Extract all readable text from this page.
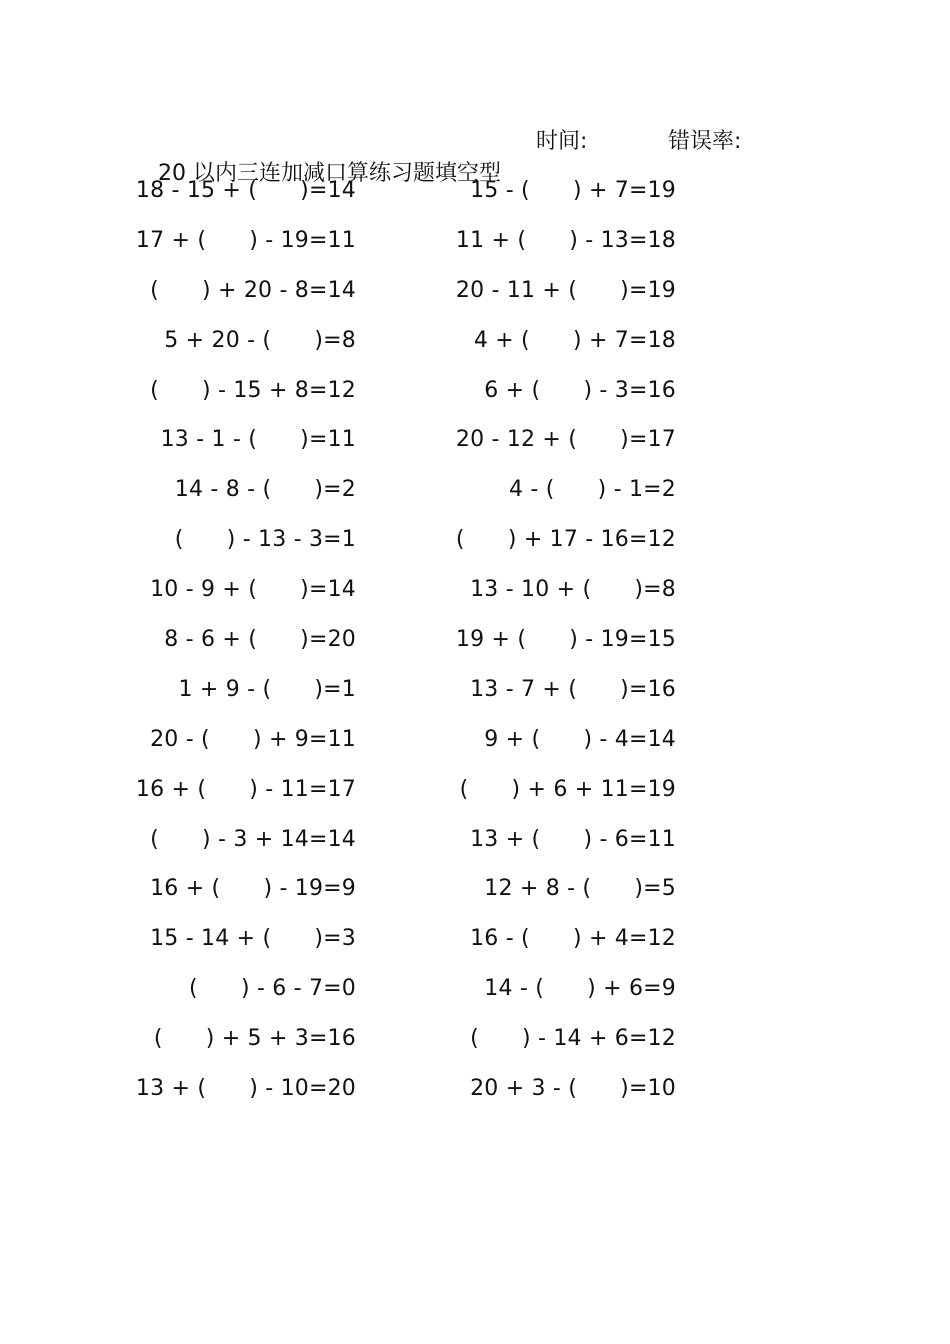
20 以内三连加减口算练习题填空型

时间:

	错误率:

18 - 15 + (      )=14	15 - (      ) + 7=19
17 + (      ) - 19=11	11 + (      ) - 13=18
(      ) + 20 - 8=14	20 - 11 + (      )=19
5 + 20 - (      )=8	4 + (      ) + 7=18
(      ) - 15 + 8=12	6 + (      ) - 3=16
13 - 1 - (      )=11	20 - 12 + (      )=17
14 - 8 - (      )=2	4 - (      ) - 1=2
(      ) - 13 - 3=1	(      ) + 17 - 16=12
10 - 9 + (      )=14	13 - 10 + (      )=8
8 - 6 + (      )=20	19 + (      ) - 19=15
1 + 9 - (      )=1	13 - 7 + (      )=16
20 - (      ) + 9=11	9 + (      ) - 4=14
16 + (      ) - 11=17	(      ) + 6 + 11=19
(      ) - 3 + 14=14	13 + (      ) - 6=11
16 + (      ) - 19=9	12 + 8 - (      )=5
15 - 14 + (      )=3	16 - (      ) + 4=12
(      ) - 6 - 7=0	14 - (      ) + 6=9
(      ) + 5 + 3=16	(      ) - 14 + 6=12
13 + (      ) - 10=20	20 + 3 - (      )=10
